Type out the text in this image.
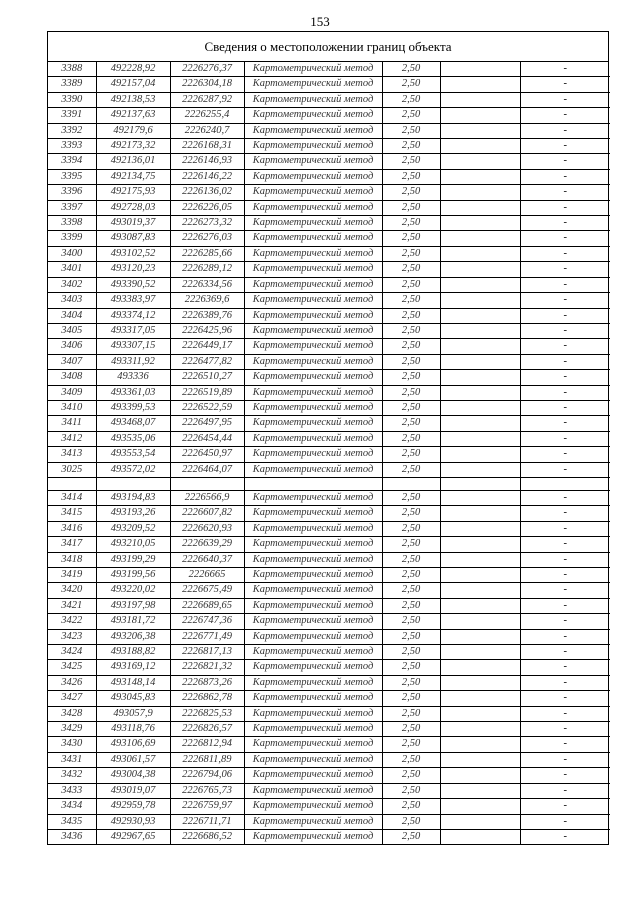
153
Сведения о местоположении границ объекта
3388	492228,92	2226276,37	Картометрический метод	2,50		-
3389	492157,04	2226304,18	Картометрический метод	2,50		-
3390	492138,53	2226287,92	Картометрический метод	2,50		-
3391	492137,63	2226255,4	Картометрический метод	2,50		-
3392	492179,6	2226240,7	Картометрический метод	2,50		-
3393	492173,32	2226168,31	Картометрический метод	2,50		-
3394	492136,01	2226146,93	Картометрический метод	2,50		-
3395	492134,75	2226146,22	Картометрический метод	2,50		-
3396	492175,93	2226136,02	Картометрический метод	2,50		-
3397	492728,03	2226226,05	Картометрический метод	2,50		-
3398	493019,37	2226273,32	Картометрический метод	2,50		-
3399	493087,83	2226276,03	Картометрический метод	2,50		-
3400	493102,52	2226285,66	Картометрический метод	2,50		-
3401	493120,23	2226289,12	Картометрический метод	2,50		-
3402	493390,52	2226334,56	Картометрический метод	2,50		-
3403	493383,97	2226369,6	Картометрический метод	2,50		-
3404	493374,12	2226389,76	Картометрический метод	2,50		-
3405	493317,05	2226425,96	Картометрический метод	2,50		-
3406	493307,15	2226449,17	Картометрический метод	2,50		-
3407	493311,92	2226477,82	Картометрический метод	2,50		-
3408	493336	2226510,27	Картометрический метод	2,50		-
3409	493361,03	2226519,89	Картометрический метод	2,50		-
3410	493399,53	2226522,59	Картометрический метод	2,50		-
3411	493468,07	2226497,95	Картометрический метод	2,50		-
3412	493535,06	2226454,44	Картометрический метод	2,50		-
3413	493553,54	2226450,97	Картометрический метод	2,50		-
3025	493572,02	2226464,07	Картометрический метод	2,50		-

3414	493194,83	2226566,9	Картометрический метод	2,50		-
3415	493193,26	2226607,82	Картометрический метод	2,50		-
3416	493209,52	2226620,93	Картометрический метод	2,50		-
3417	493210,05	2226639,29	Картометрический метод	2,50		-
3418	493199,29	2226640,37	Картометрический метод	2,50		-
3419	493199,56	2226665	Картометрический метод	2,50		-
3420	493220,02	2226675,49	Картометрический метод	2,50		-
3421	493197,98	2226689,65	Картометрический метод	2,50		-
3422	493181,72	2226747,36	Картометрический метод	2,50		-
3423	493206,38	2226771,49	Картометрический метод	2,50		-
3424	493188,82	2226817,13	Картометрический метод	2,50		-
3425	493169,12	2226821,32	Картометрический метод	2,50		-
3426	493148,14	2226873,26	Картометрический метод	2,50		-
3427	493045,83	2226862,78	Картометрический метод	2,50		-
3428	493057,9	2226825,53	Картометрический метод	2,50		-
3429	493118,76	2226826,57	Картометрический метод	2,50		-
3430	493106,69	2226812,94	Картометрический метод	2,50		-
3431	493061,57	2226811,89	Картометрический метод	2,50		-
3432	493004,38	2226794,06	Картометрический метод	2,50		-
3433	493019,07	2226765,73	Картометрический метод	2,50		-
3434	492959,78	2226759,97	Картометрический метод	2,50		-
3435	492930,93	2226711,71	Картометрический метод	2,50		-
3436	492967,65	2226686,52	Картометрический метод	2,50		-
